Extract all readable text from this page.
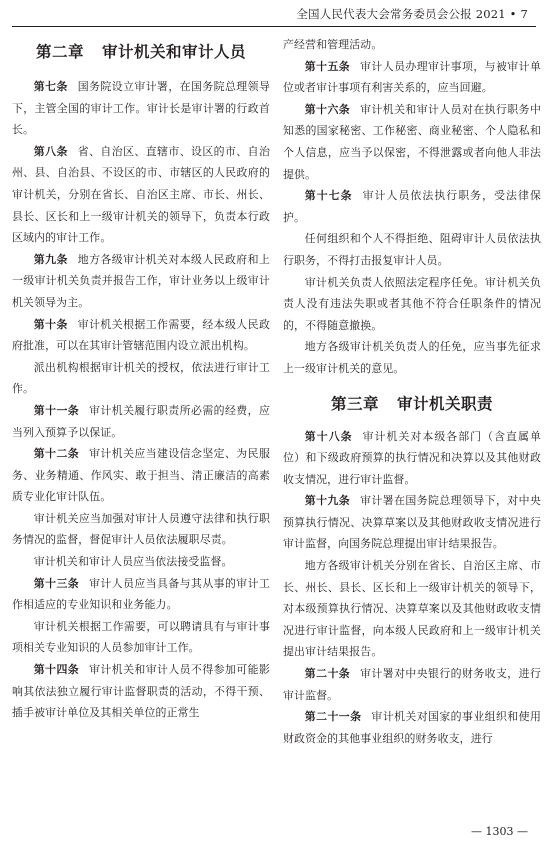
全国人民代表大会常务委员会公报 2021 • 7
第二章 审计机关和审计人员

第七条 国务院设立审计署，在国务院总理领导下，主管全国的审计工作。审计长是审计署的行政首长。

第八条 省、自治区、直辖市、设区的市、自治州、县、自治县、不设区的市、市辖区的人民政府的审计机关，分别在省长、自治区主席、市长、州长、县长、区长和上一级审计机关的领导下，负责本行政区域内的审计工作。

第九条 地方各级审计机关对本级人民政府和上一级审计机关负责并报告工作，审计业务以上级审计机关领导为主。

第十条 审计机关根据工作需要，经本级人民政府批准，可以在其审计管辖范围内设立派出机构。

派出机构根据审计机关的授权，依法进行审计工作。

第十一条 审计机关履行职责所必需的经费，应当列入预算予以保证。

第十二条 审计机关应当建设信念坚定、为民服务、业务精通、作风实、敢于担当、清正廉洁的高素质专业化审计队伍。

审计机关应当加强对审计人员遵守法律和执行职务情况的监督，督促审计人员依法履职尽责。

审计机关和审计人员应当依法接受监督。

第十三条 审计人员应当具备与其从事的审计工作相适应的专业知识和业务能力。

审计机关根据工作需要，可以聘请具有与审计事项相关专业知识的人员参加审计工作。

第十四条 审计机关和审计人员不得参加可能影响其依法独立履行审计监督职责的活动，不得干预、插手被审计单位及其相关单位的正常生

产经营和管理活动。

第十五条 审计人员办理审计事项，与被审计单位或者审计事项有利害关系的，应当回避。

第十六条 审计机关和审计人员对在执行职务中知悉的国家秘密、工作秘密、商业秘密、个人隐私和个人信息，应当予以保密，不得泄露或者向他人非法提供。

第十七条 审计人员依法执行职务，受法律保护。

任何组织和个人不得拒绝、阻碍审计人员依法执行职务，不得打击报复审计人员。

审计机关负责人依照法定程序任免。审计机关负责人没有违法失职或者其他不符合任职条件的情况的，不得随意撤换。

地方各级审计机关负责人的任免，应当事先征求上一级审计机关的意见。

第三章 审计机关职责

第十八条 审计机关对本级各部门（含直属单位）和下级政府预算的执行情况和决算以及其他财政收支情况，进行审计监督。

第十九条 审计署在国务院总理领导下，对中央预算执行情况、决算草案以及其他财政收支情况进行审计监督，向国务院总理提出审计结果报告。

地方各级审计机关分别在省长、自治区主席、市长、州长、县长、区长和上一级审计机关的领导下，对本级预算执行情况、决算草案以及其他财政收支情况进行审计监督，向本级人民政府和上一级审计机关提出审计结果报告。

第二十条 审计署对中央银行的财务收支，进行审计监督。

第二十一条 审计机关对国家的事业组织和使用财政资金的其他事业组织的财务收支，进行

— 1303 —
